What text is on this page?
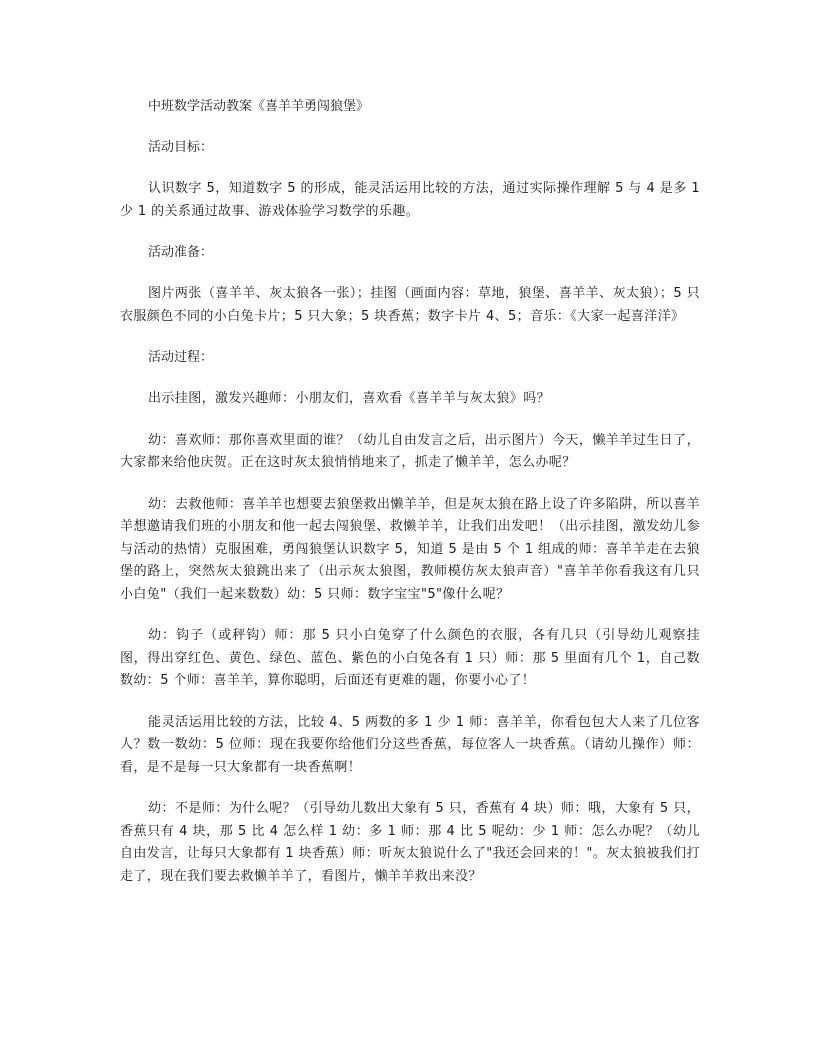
中班数学活动教案《喜羊羊勇闯狼堡》
活动目标：

认识数字 5，知道数字 5 的形成，能灵活运用比较的方法，通过实际操作理解 5 与 4 是多 1 少 1 的关系通过故事、游戏体验学习数学的乐趣。

活动准备：

图片两张（喜羊羊、灰太狼各一张）；挂图（画面内容：草地，狼堡、喜羊羊、灰太狼）；5 只衣服颜色不同的小白兔卡片；5 只大象；5 块香蕉；数字卡片 4、5；音乐：《大家一起喜洋洋》

活动过程：

出示挂图，激发兴趣师：小朋友们，喜欢看《喜羊羊与灰太狼》吗？

幼：喜欢师：那你喜欢里面的谁？（幼儿自由发言之后，出示图片）今天，懒羊羊过生日了，大家都来给他庆贺。正在这时灰太狼悄悄地来了，抓走了懒羊羊，怎么办呢？

幼：去救他师：喜羊羊也想要去狼堡救出懒羊羊，但是灰太狼在路上设了许多陷阱，所以喜羊羊想邀请我们班的小朋友和他一起去闯狼堡、救懒羊羊，让我们出发吧！（出示挂图，激发幼儿参与活动的热情）克服困难，勇闯狼堡认识数字 5，知道 5 是由 5 个 1 组成的师：喜羊羊走在去狼堡的路上，突然灰太狼跳出来了（出示灰太狼图，教师模仿灰太狼声音）"喜羊羊你看我这有几只小白兔"（我们一起来数数）幼：5 只师：数字宝宝"5"像什么呢？

幼：钩子（或秤钩）师：那 5 只小白兔穿了什么颜色的衣服，各有几只（引导幼儿观察挂图，得出穿红色、黄色、绿色、蓝色、紫色的小白兔各有 1 只）师：那 5 里面有几个 1，自己数数幼：5 个师：喜羊羊，算你聪明，后面还有更难的题，你要小心了！

能灵活运用比较的方法，比较 4、5 两数的多 1 少 1 师：喜羊羊，你看包包大人来了几位客人？数一数幼：5 位师：现在我要你给他们分这些香蕉，每位客人一块香蕉。（请幼儿操作）师：看，是不是每一只大象都有一块香蕉啊！

幼：不是师：为什么呢？（引导幼儿数出大象有 5 只，香蕉有 4 块）师：哦，大象有 5 只，香蕉只有 4 块，那 5 比 4 怎么样 1 幼：多 1 师：那 4 比 5 呢幼：少 1 师：怎么办呢？（幼儿自由发言，让每只大象都有 1 块香蕉）师：听灰太狼说什么了"我还会回来的！"。灰太狼被我们打走了，现在我们要去救懒羊羊了，看图片，懒羊羊救出来没？
